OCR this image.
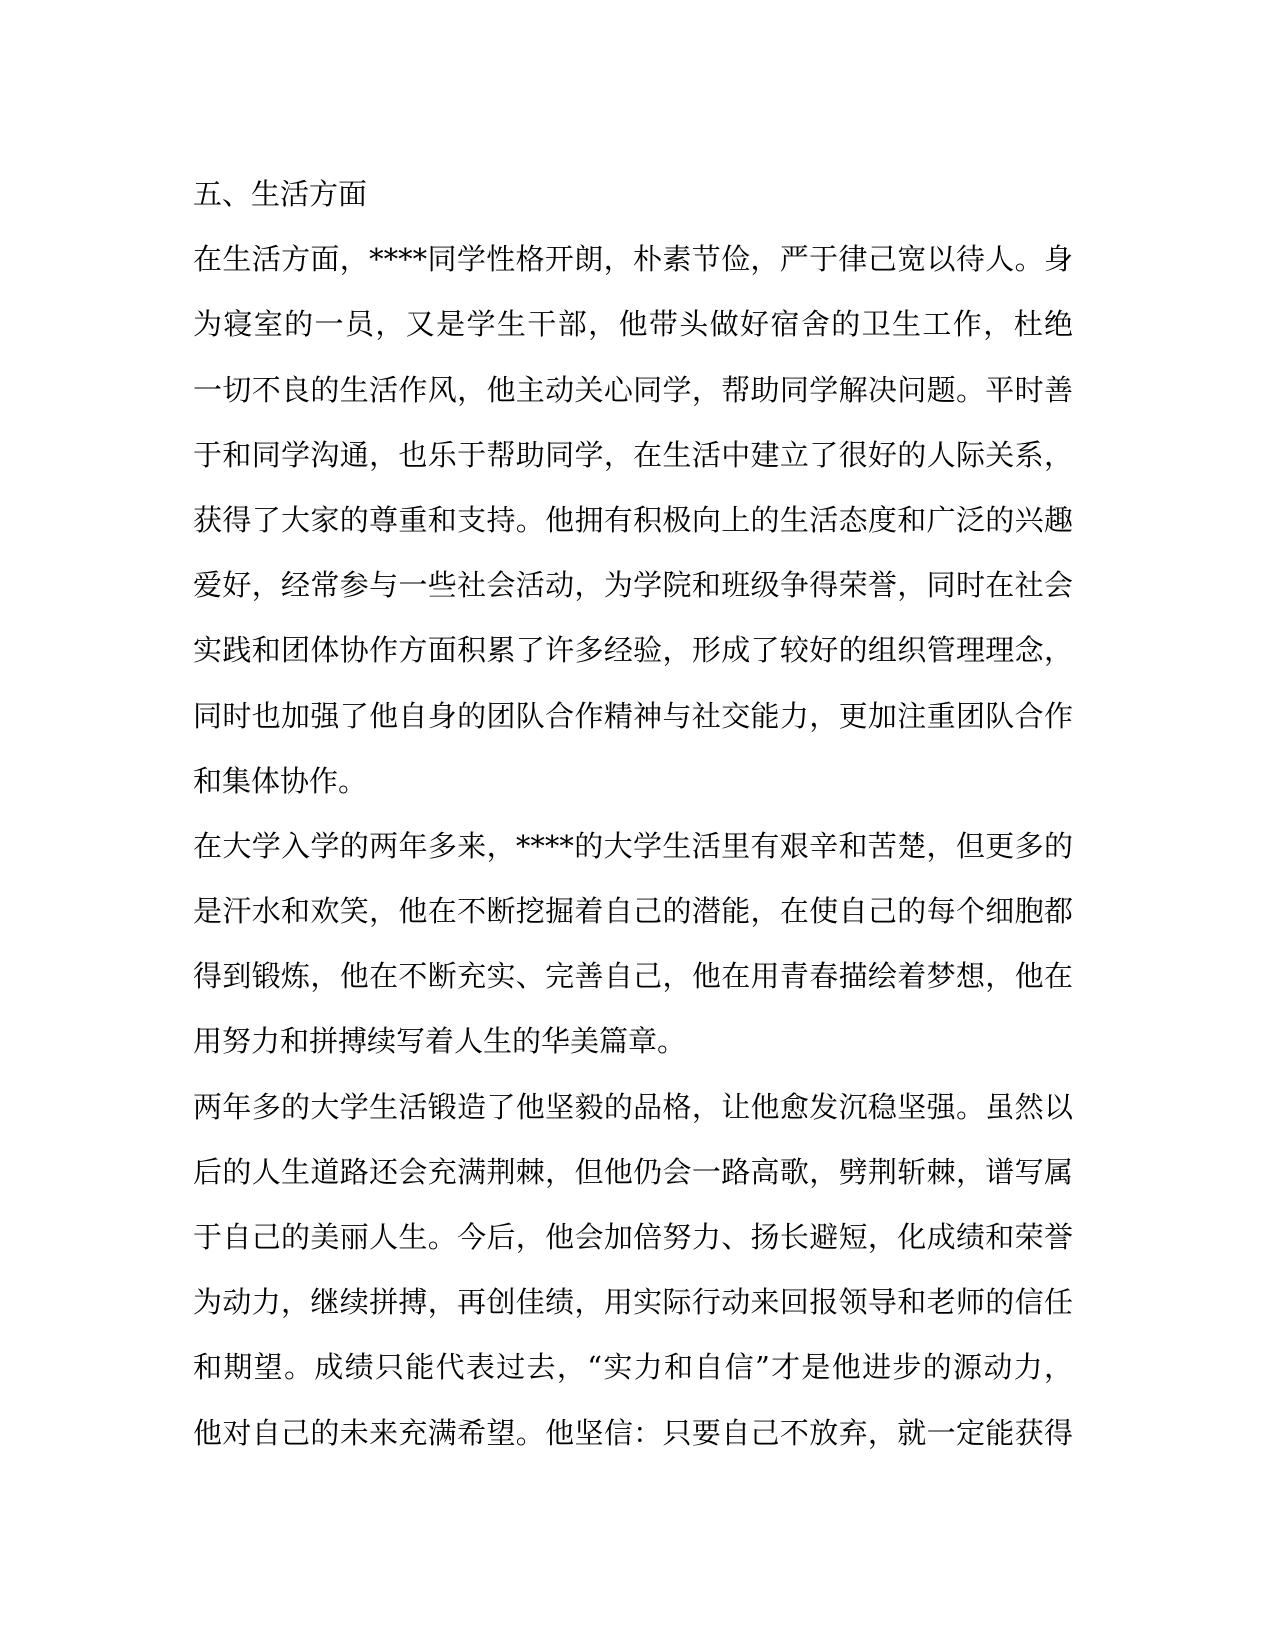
五、生活方面
在生活方面，****同学性格开朗，朴素节俭，严于律己宽以待人。身
为寝室的一员，又是学生干部，他带头做好宿舍的卫生工作，杜绝
一切不良的生活作风，他主动关心同学，帮助同学解决问题。平时善
于和同学沟通，也乐于帮助同学，在生活中建立了很好的人际关系，
获得了大家的尊重和支持。他拥有积极向上的生活态度和广泛的兴趣
爱好，经常参与一些社会活动，为学院和班级争得荣誉，同时在社会
实践和团体协作方面积累了许多经验，形成了较好的组织管理理念，
同时也加强了他自身的团队合作精神与社交能力，更加注重团队合作
和集体协作。
在大学入学的两年多来，****的大学生活里有艰辛和苦楚，但更多的
是汗水和欢笑，他在不断挖掘着自己的潜能，在使自己的每个细胞都
得到锻炼，他在不断充实、完善自己，他在用青春描绘着梦想，他在
用努力和拼搏续写着人生的华美篇章。
两年多的大学生活锻造了他坚毅的品格，让他愈发沉稳坚强。虽然以
后的人生道路还会充满荆棘，但他仍会一路高歌，劈荆斩棘，谱写属
于自己的美丽人生。今后，他会加倍努力、扬长避短，化成绩和荣誉
为动力，继续拼搏，再创佳绩，用实际行动来回报领导和老师的信任
和期望。成绩只能代表过去，“实力和自信”才是他进步的源动力，
他对自己的未来充满希望。他坚信：只要自己不放弃，就一定能获得
